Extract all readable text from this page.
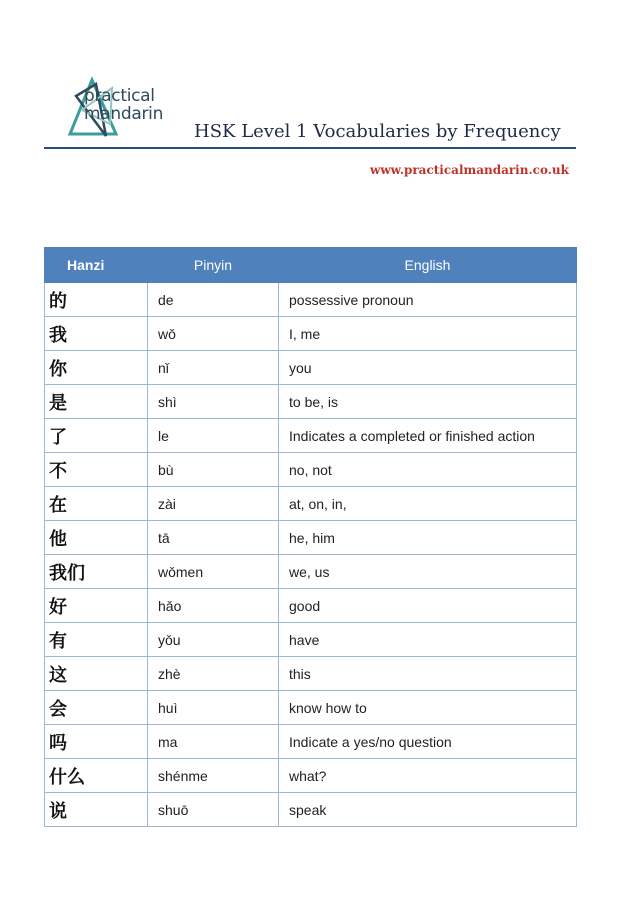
practical
mandarin
HSK Level 1 Vocabularies by Frequency
www.practicalmandarin.co.uk
Hanzi	Pinyin	English
的	de	possessive pronoun
我	wǒ	I, me
你	nǐ	you
是	shì	to be, is
了	le	Indicates a completed or finished action
不	bù	no, not
在	zài	at, on, in,
他	tā	he, him
我们	wǒmen	we, us
好	hǎo	good
有	yǒu	have
这	zhè	this
会	huì	know how to
吗	ma	Indicate a yes/no question
什么	shénme	what?
说	shuō	speak
